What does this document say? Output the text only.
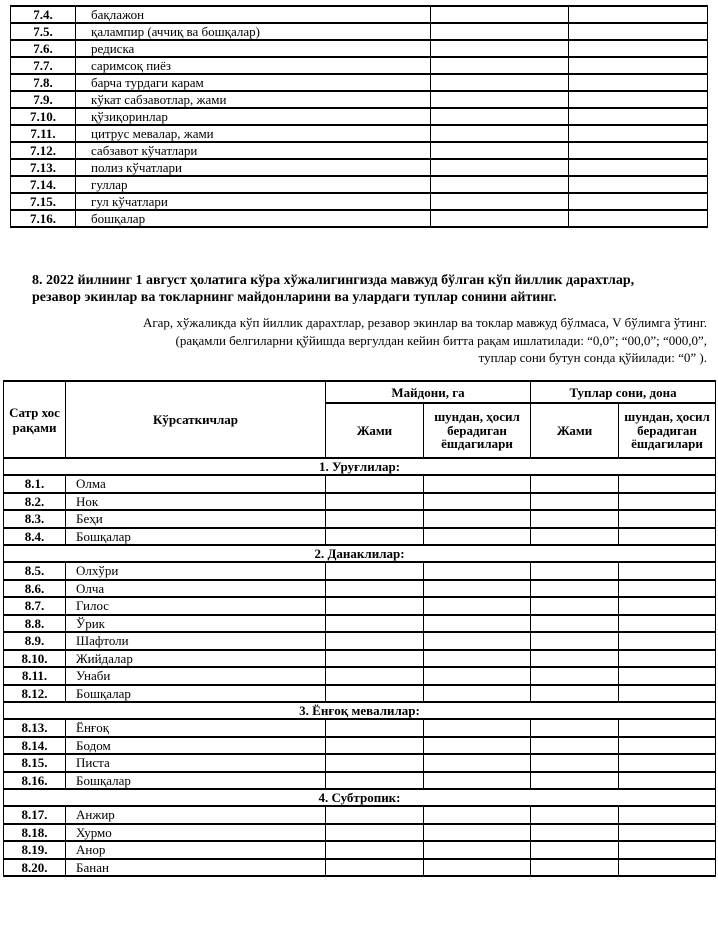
7.4.	бақлажон		
7.5.	қалампир (аччиқ ва бошқалар)		
7.6.	редиска		
7.7.	саримсоқ пиёз		
7.8.	барча турдаги карам		
7.9.	кўкат сабзавотлар, жами		
7.10.	қўзиқоринлар		
7.11.	цитрус мевалар, жами		
7.12.	сабзавот кўчатлари		
7.13.	полиз кўчатлари		
7.14.	гуллар		
7.15.	гул кўчатлари		
7.16.	бошқалар		
8. 2022 йилнинг 1 август ҳолатига кўра хўжалигингизда мавжуд бўлган кўп йиллик дарахтлар,
резавор экинлар ва токларнинг майдонларини ва улардаги туплар сонини айтинг.
Агар, хўжаликда кўп йиллик дарахтлар, резавор экинлар ва токлар мавжуд бўлмаса, V бўлимга ўтинг.
(рақамли белгиларни қўйишда вергулдан кейин битта рақам ишлатилади: “0,0”; “00,0”; “000,0”,
туплар сони бутун сонда қўйилади: “0” ).
Сатр хос рақами	Кўрсаткичлар	Майдони, га		Туплар сони, дона	
		Жами	шундан, ҳосил берадиган ёшдагилари	Жами	шундан, ҳосил берадиган ёшдагилари
1. Уруғлилар:					
8.1.	Олма				
8.2.	Нок				
8.3.	Беҳи				
8.4.	Бошқалар				
2. Данаклилар:					
8.5.	Олхўри				
8.6.	Олча				
8.7.	Гилос				
8.8.	Ўрик				
8.9.	Шафтоли				
8.10.	Жийдалар				
8.11.	Унаби				
8.12.	Бошқалар				
3. Ёнғоқ мевалилар:					
8.13.	Ёнғоқ				
8.14.	Бодом				
8.15.	Писта				
8.16.	Бошқалар				
4. Субтропик:					
8.17.	Анжир				
8.18.	Хурмо				
8.19.	Анор				
8.20.	Банан				
